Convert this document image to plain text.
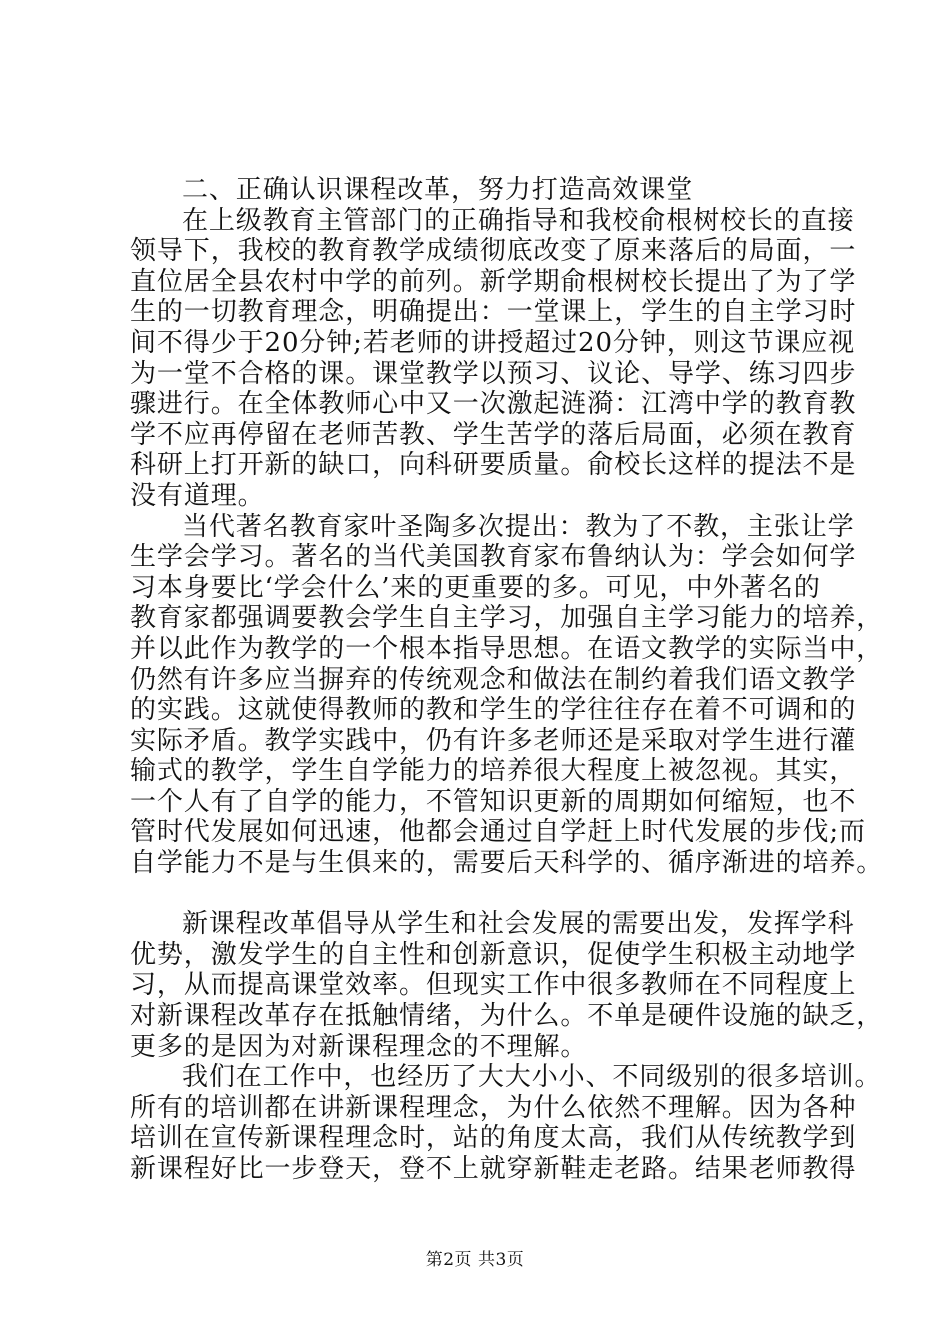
二、正确认识课程改革，努力打造高效课堂
在上级教育主管部门的正确指导和我校俞根树校长的直接
领导下，我校的教育教学成绩彻底改变了原来落后的局面，一
直位居全县农村中学的前列。新学期俞根树校长提出了为了学
生的一切教育理念，明确提出：一堂课上，学生的自主学习时
间不得少于20分钟;若老师的讲授超过20分钟，则这节课应视
为一堂不合格的课。课堂教学以预习、议论、导学、练习四步
骤进行。在全体教师心中又一次激起涟漪：江湾中学的教育教
学不应再停留在老师苦教、学生苦学的落后局面，必须在教育
科研上打开新的缺口，向科研要质量。俞校长这样的提法不是
没有道理。
当代著名教育家叶圣陶多次提出：教为了不教，主张让学
生学会学习。著名的当代美国教育家布鲁纳认为：学会如何学
习本身要比‘学会什么’来的更重要的多。可见，中外著名的
教育家都强调要教会学生自主学习，加强自主学习能力的培养，
并以此作为教学的一个根本指导思想。在语文教学的实际当中，
仍然有许多应当摒弃的传统观念和做法在制约着我们语文教学
的实践。这就使得教师的教和学生的学往往存在着不可调和的
实际矛盾。教学实践中，仍有许多老师还是采取对学生进行灌
输式的教学，学生自学能力的培养很大程度上被忽视。其实，
一个人有了自学的能力，不管知识更新的周期如何缩短，也不
管时代发展如何迅速，他都会通过自学赶上时代发展的步伐;而
自学能力不是与生俱来的，需要后天科学的、循序渐进的培养。
新课程改革倡导从学生和社会发展的需要出发，发挥学科
优势，激发学生的自主性和创新意识，促使学生积极主动地学
习，从而提高课堂效率。但现实工作中很多教师在不同程度上
对新课程改革存在抵触情绪，为什么。不单是硬件设施的缺乏，
更多的是因为对新课程理念的不理解。
我们在工作中，也经历了大大小小、不同级别的很多培训。
所有的培训都在讲新课程理念，为什么依然不理解。因为各种
培训在宣传新课程理念时，站的角度太高，我们从传统教学到
新课程好比一步登天，登不上就穿新鞋走老路。结果老师教得
第2页 共3页
